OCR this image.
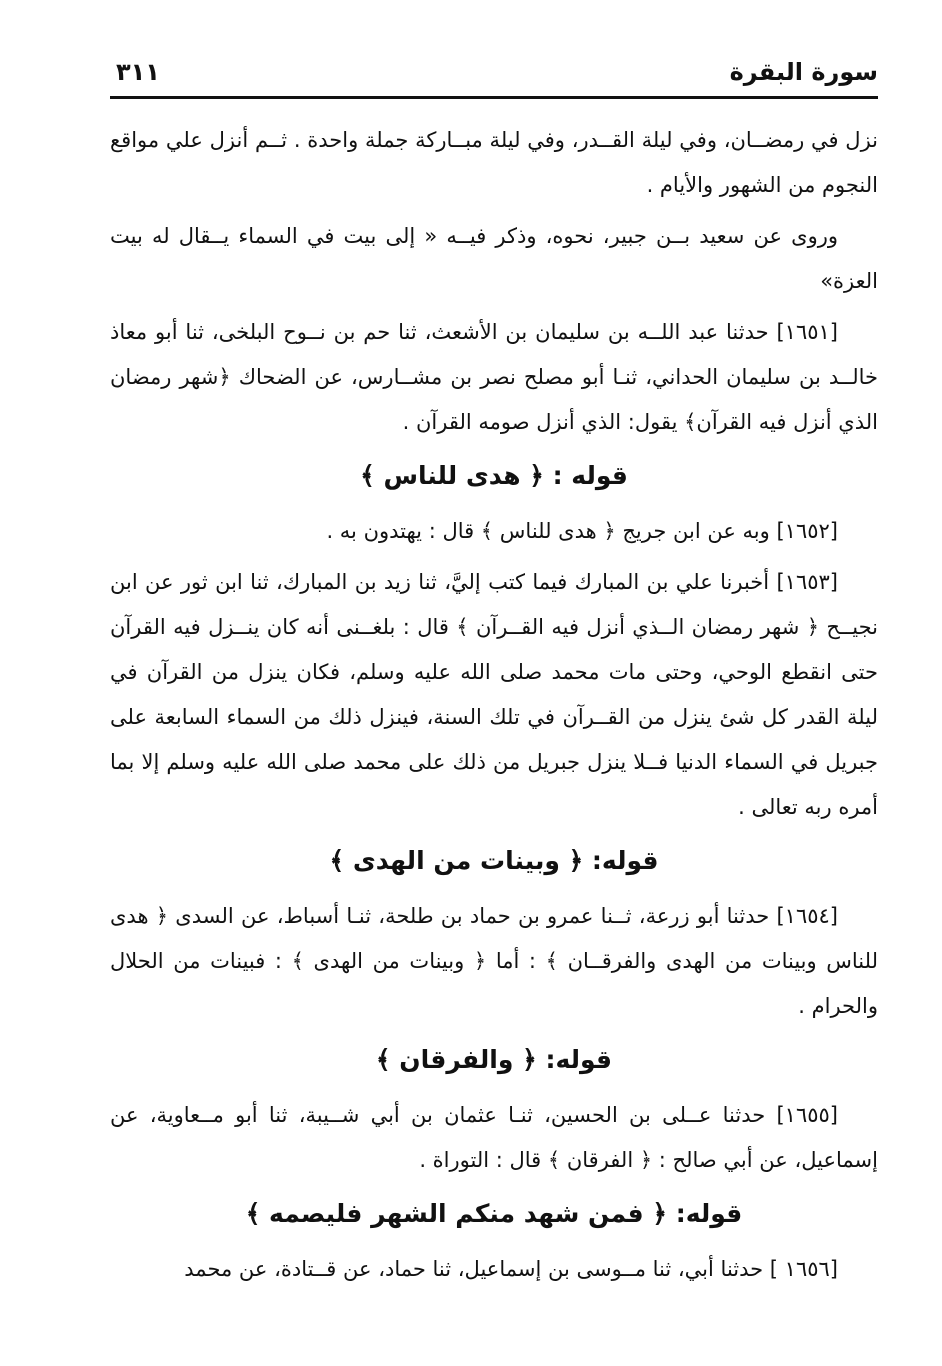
سورة البقرة
٣١١

نزل في رمضــان، وفي ليلة القــدر، وفي ليلة مبــاركة جملة واحدة . ثــم أنزل علي مواقع النجوم من الشهور والأيام .

وروى عن سعيد بــن جبير، نحوه، وذكر فيــه « إلى بيت في السماء يــقال له بيت العزة»

[١٦٥١] حدثنا عبد اللــه بن سليمان بن الأشعث، ثنا حم بن نــوح البلخى، ثنا أبو معاذ خالــد بن سليمان الحداني، ثنـا أبو مصلح نصر بن مشــارس، عن الضحاك ﴿شهر رمضان الذي أنزل فيه القرآن﴾ يقول: الذي أنزل صومه القرآن .

قوله : ﴿ هدى للناس ﴾

[١٦٥٢] وبه عن ابن جريج ﴿ هدى للناس ﴾ قال : يهتدون به .

[١٦٥٣] أخبرنا علي بن المبارك فيما كتب إليَّ، ثنا زيد بن المبارك، ثنا ابن ثور عن ابن نجيــح ﴿ شهر رمضان الــذي أنزل فيه القــرآن ﴾ قال : بلغــنى أنه كان ينــزل فيه القرآن حتى انقطع الوحي، وحتى مات محمد صلى الله عليه وسلم، فكان ينزل من القرآن في ليلة القدر كل شئ ينزل من القــرآن في تلك السنة، فينزل ذلك من السماء السابعة على جبريل في السماء الدنيا فــلا ينزل جبريل من ذلك على محمد صلى الله عليه وسلم إلا بما أمره ربه تعالى .

قوله: ﴿ وبينات من الهدى ﴾

[١٦٥٤] حدثنا أبو زرعة، ثــنا عمرو بن حماد بن طلحة، ثنـا أسباط، عن السدى ﴿ هدى للناس وبينات من الهدى والفرقــان ﴾ : أما ﴿ وبينات من الهدى ﴾ : فبينات من الحلال والحرام .

قوله: ﴿ والفرقان ﴾

[١٦٥٥] حدثنا عــلى بن الحسين، ثنـا عثمان بن أبي شــيبة، ثنا أبو مــعاوية، عن إسماعيل، عن أبي صالح : ﴿ الفرقان ﴾ قال : التوراة .

قوله: ﴿ فمن شهد منكم الشهر فليصمه ﴾

[١٦٥٦ ] حدثنا أبي، ثنا مــوسى بن إسماعيل، ثنا حماد، عن قــتادة، عن محمد
